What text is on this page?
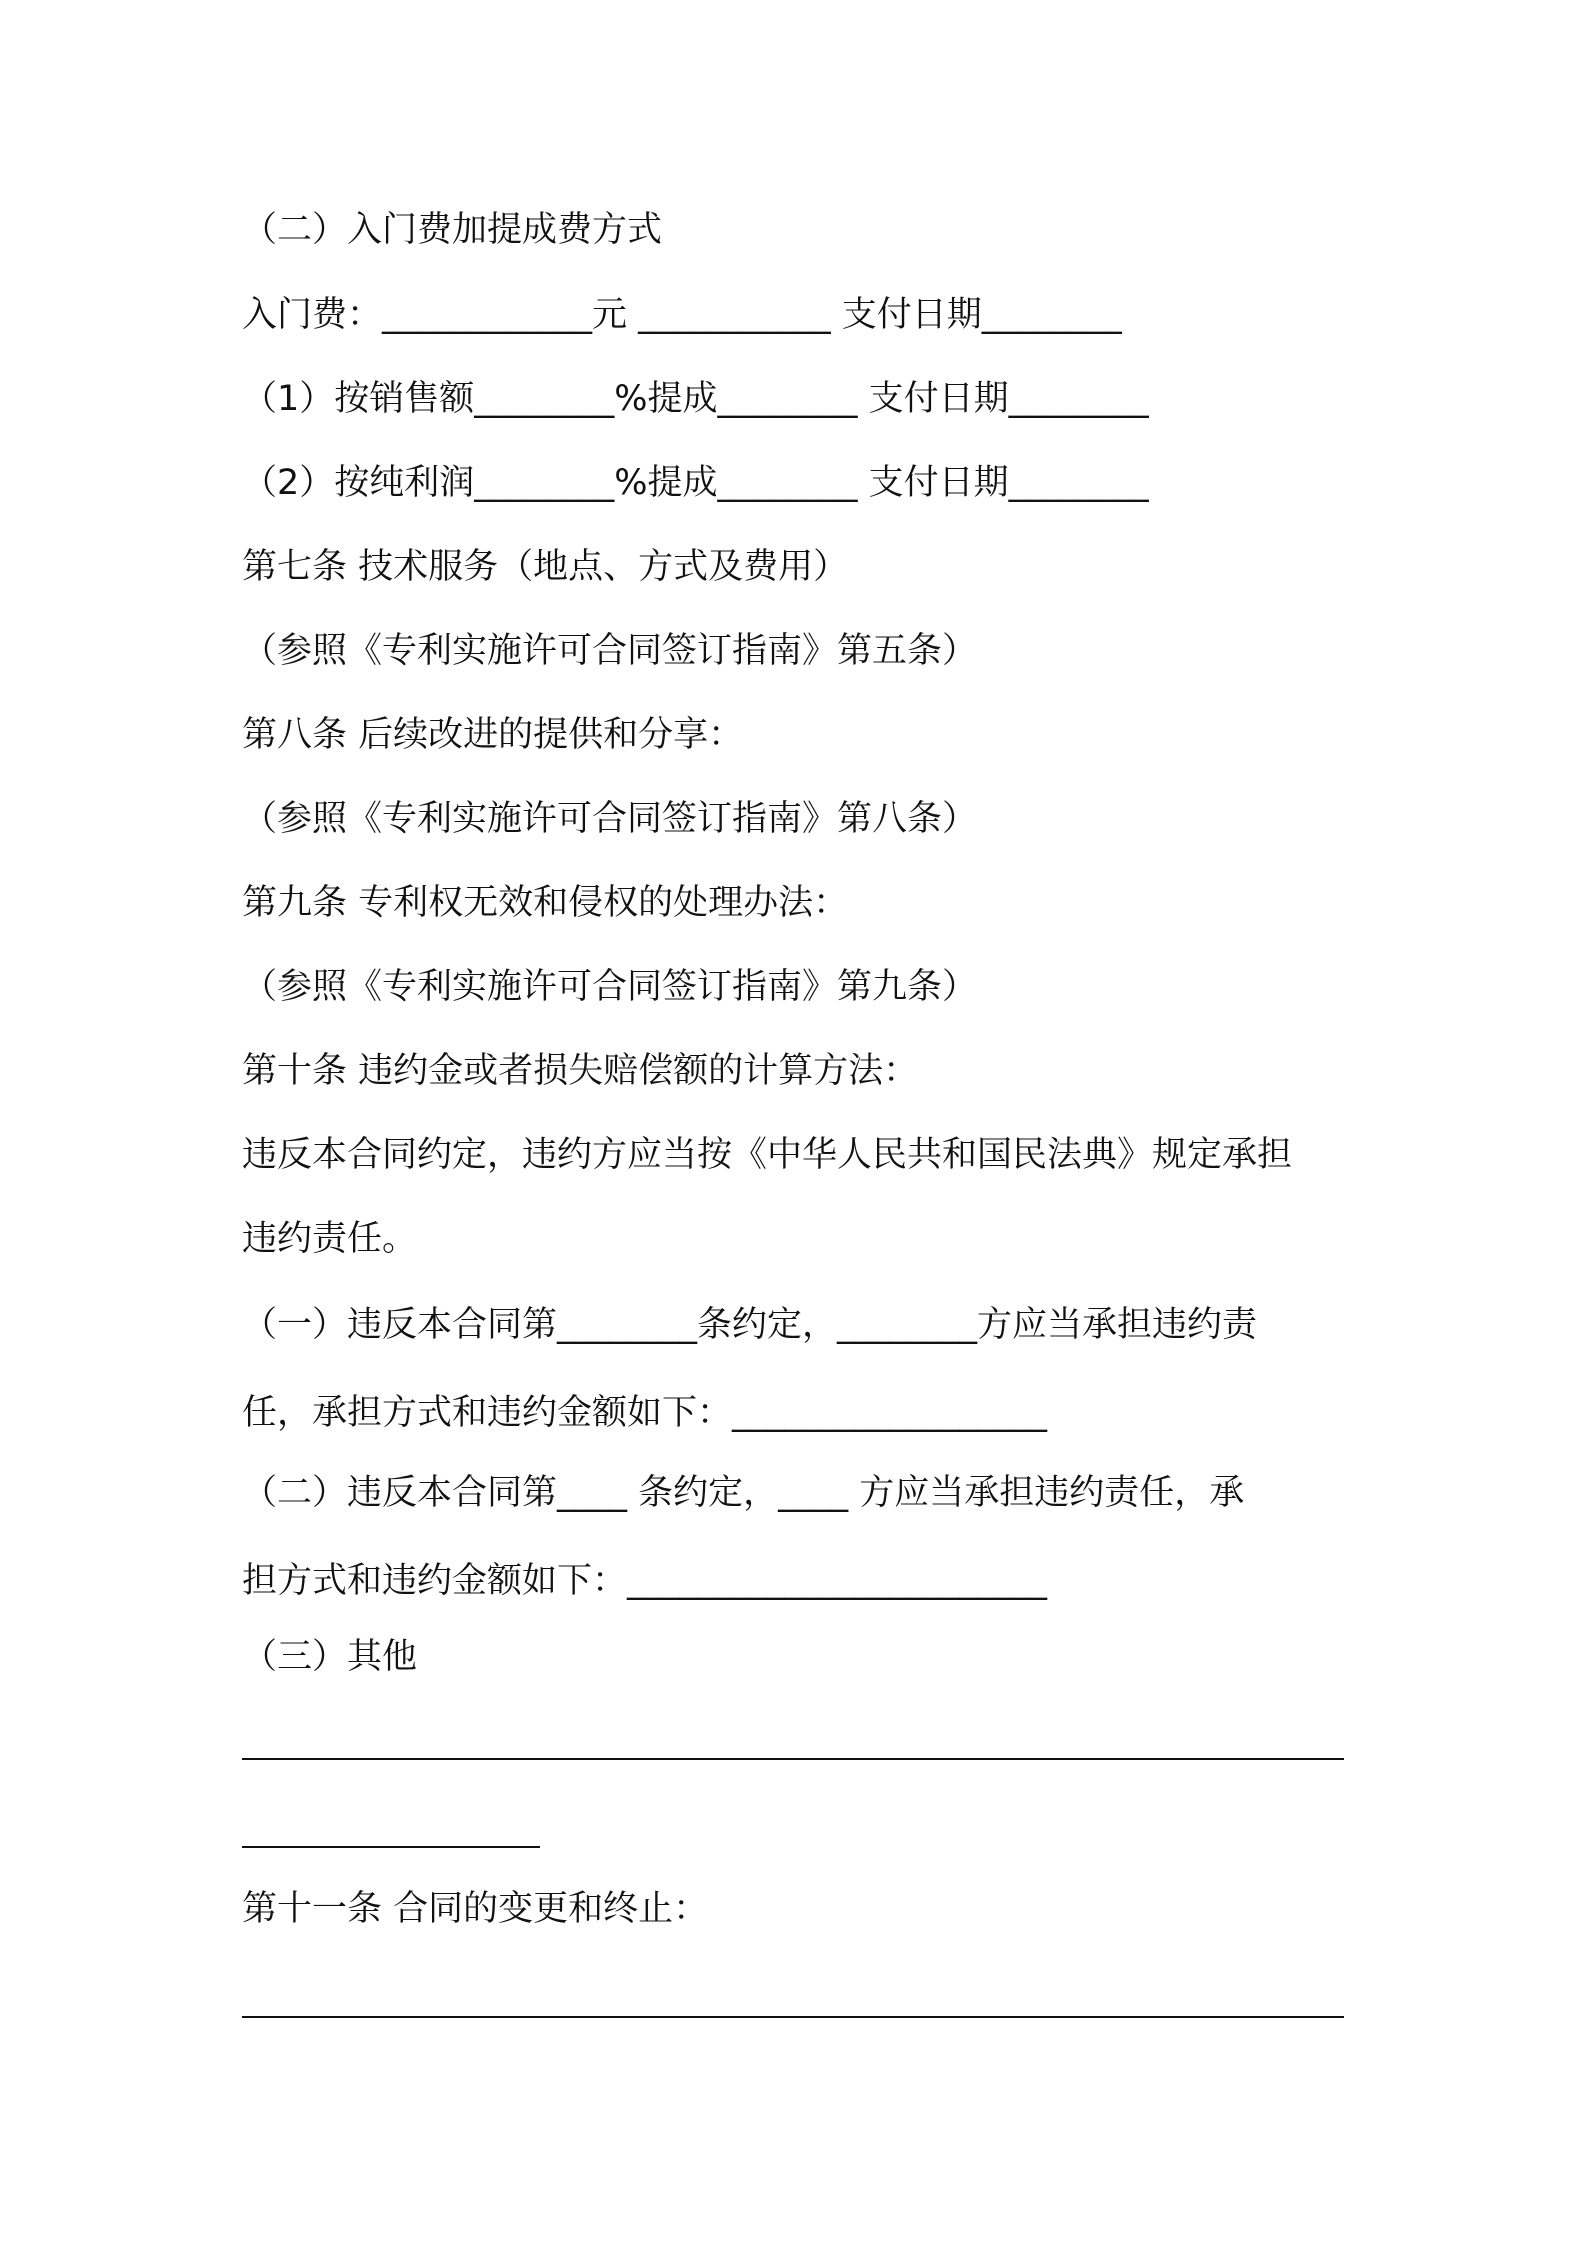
（二）入门费加提成费方式
入门费：____________元 ___________ 支付日期________
（1）按销售额________%提成________ 支付日期________
（2）按纯利润________%提成________ 支付日期________
第七条 技术服务（地点、方式及费用）
（参照《专利实施许可合同签订指南》第五条）
第八条 后续改进的提供和分享：
（参照《专利实施许可合同签订指南》第八条）
第九条 专利权无效和侵权的处理办法：
（参照《专利实施许可合同签订指南》第九条）
第十条 违约金或者损失赔偿额的计算方法：
违反本合同约定，违约方应当按《中华人民共和国民法典》规定承担
违约责任。
（一）违反本合同第________条约定，________方应当承担违约责
任，承担方式和违约金额如下：__________________
（二）违反本合同第____ 条约定，____ 方应当承担违约责任，承
担方式和违约金额如下：________________________
（三）其他
第十一条 合同的变更和终止：
